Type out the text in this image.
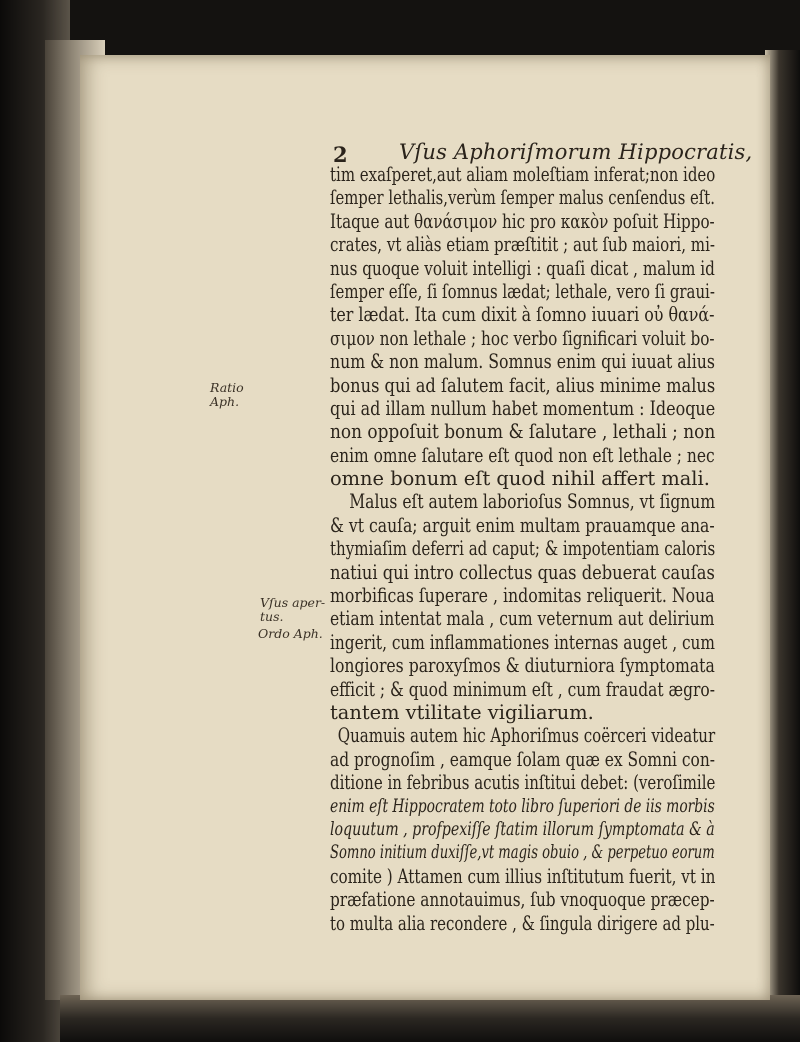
2 Vſus Aphoriſmorum Hippocratis,
Ratio
Aph.
Vſus aper-
tus.
Ordo Aph.
tim exaſperet,aut aliam moleſtiam inferat;non ideo
ſemper lethalis,verùm ſemper malus cenſendus eſt.
Itaque aut θανάσιμον hic pro κακὸν poſuit Hippo-
crates, vt aliàs etiam præſtitit ; aut ſub maiori, mi-
nus quoque voluit intelligi : quaſi dicat , malum id
ſemper eſſe, ſi ſomnus lædat; lethale, vero ſi graui-
ter lædat. Ita cum dixit à ſomno iuuari οὐ θανά-
σιμον non lethale ; hoc verbo ſignificari voluit bo-
num & non malum. Somnus enim qui iuuat alius
bonus qui ad ſalutem facit, alius minime malus
qui ad illam nullum habet momentum : Ideoque
non oppoſuit bonum & ſalutare , lethali ; non
enim omne ſalutare eſt quod non eſt lethale ; nec
omne bonum eſt quod nihil affert mali.
Malus eſt autem laborioſus Somnus, vt ſignum
& vt cauſa; arguit enim multam prauamque ana-
thymiaſim deferri ad caput; & impotentiam caloris
natiui qui intro collectus quas debuerat cauſas
morbificas ſuperare , indomitas reliquerit. Noua
etiam intentat mala , cum veternum aut delirium
ingerit, cum inflammationes internas auget , cum
longiores paroxyſmos & diuturniora ſymptomata
efficit ; & quod minimum eſt , cum fraudat ægro-
tantem vtilitate vigiliarum.
Quamuis autem hic Aphoriſmus coërceri videatur
ad prognoſim , eamque ſolam quæ ex Somni con-
ditione in febribus acutis inſtitui debet: (veroſimile
enim eſt Hippocratem toto libro ſuperiori de iis morbis
loquutum , profpexiſſe ſtatim illorum ſymptomata & à
Somno initium duxiſſe,vt magis obuio , & perpetuo eorum
comite ) Attamen cum illius inſtitutum fuerit, vt in
præfatione annotauimus, ſub vnoquoque præcep-
to multa alia recondere , & ſingula dirigere ad plu-
